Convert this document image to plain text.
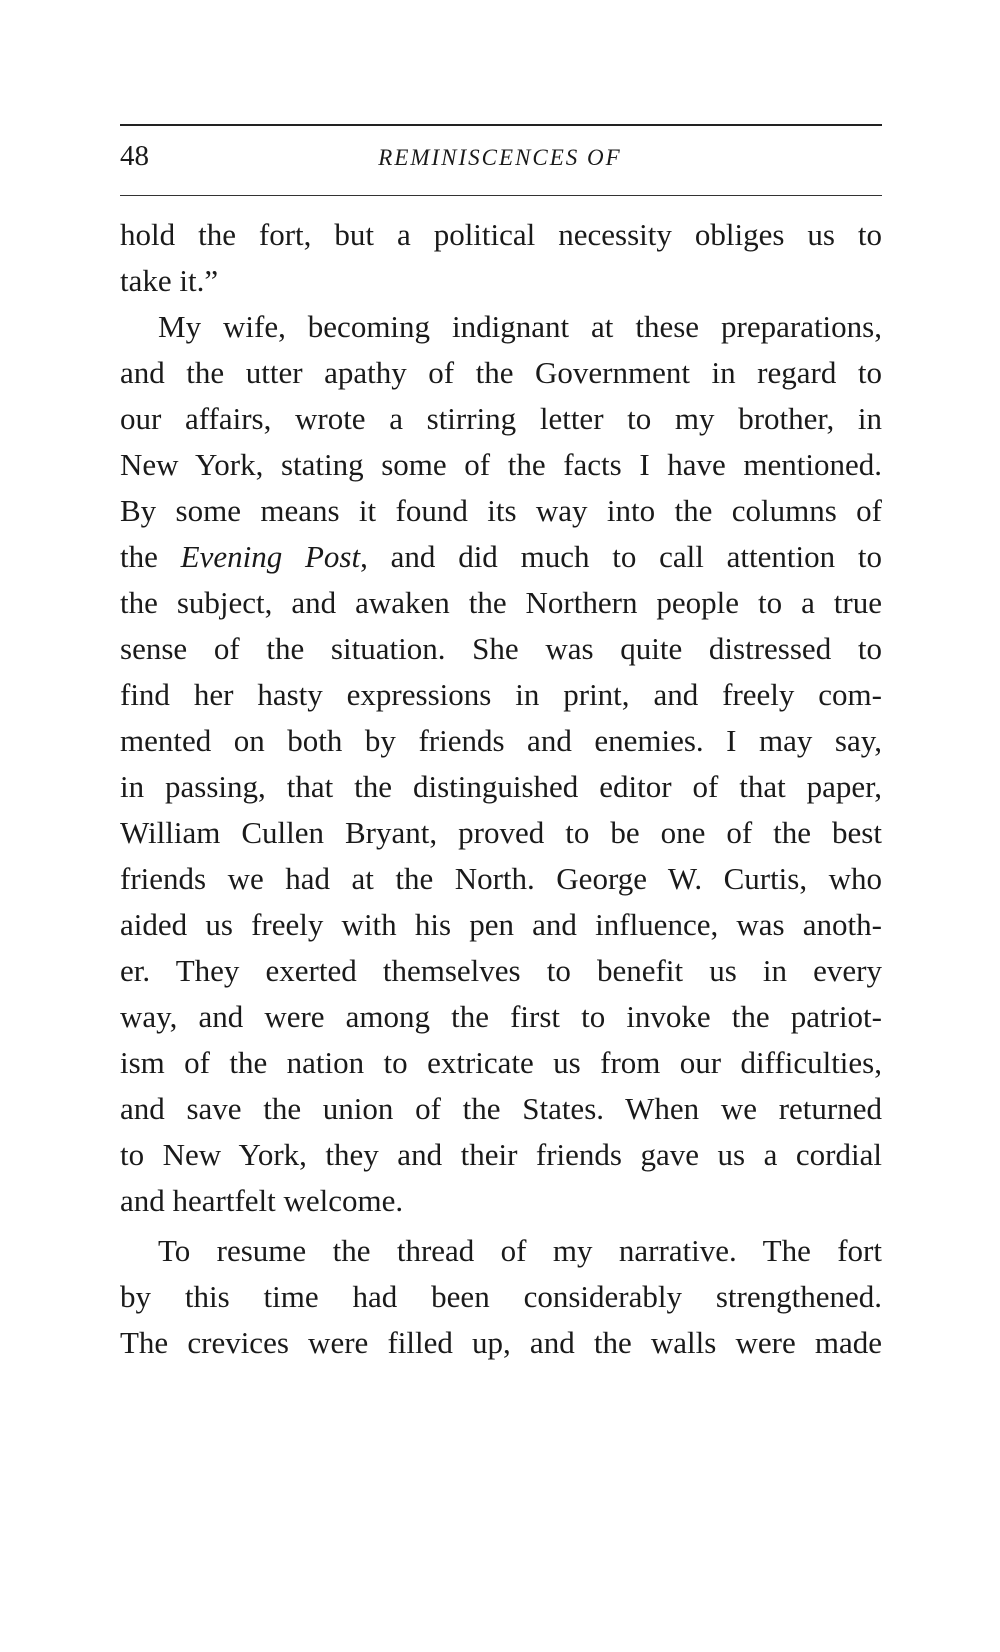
48	REMINISCENCES OF
hold the fort, but a political necessity obliges us to
take it.”
My wife, becoming indignant at these preparations,
and the utter apathy of the Government in regard to
our affairs, wrote a stirring letter to my brother, in
New York, stating some of the facts I have mentioned.
By some means it found its way into the columns of
the Evening Post, and did much to call attention to
the subject, and awaken the Northern people to a true
sense of the situation. She was quite distressed to
find her hasty expressions in print, and freely com-
mented on both by friends and enemies. I may say,
in passing, that the distinguished editor of that paper,
William Cullen Bryant, proved to be one of the best
friends we had at the North. George W. Curtis, who
aided us freely with his pen and influence, was anoth-
er. They exerted themselves to benefit us in every
way, and were among the first to invoke the patriot-
ism of the nation to extricate us from our difficulties,
and save the union of the States. When we returned
to New York, they and their friends gave us a cordial
and heartfelt welcome.
To resume the thread of my narrative. The fort
by this time had been considerably strengthened.
The crevices were filled up, and the walls were made
